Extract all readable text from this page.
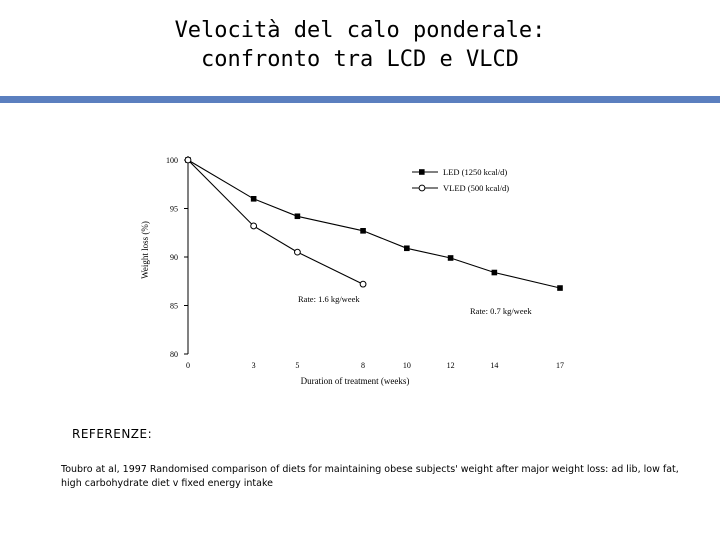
Velocità del calo ponderale:
confronto tra LCD e VLCD
80
85
90
95
100
0	3	5	8	10	12	14	17
LED (1250 kcal/d)
VLED (500 kcal/d)
Rate: 1.6 kg/week
Rate: 0.7 kg/week
Duration of treatment (weeks)
Weight loss (%)
REFERENZE:
Toubro at al, 1997 Randomised comparison of diets for maintaining obese subjects' weight after major weight loss: ad lib, low fat,
high carbohydrate diet v fixed energy intake
